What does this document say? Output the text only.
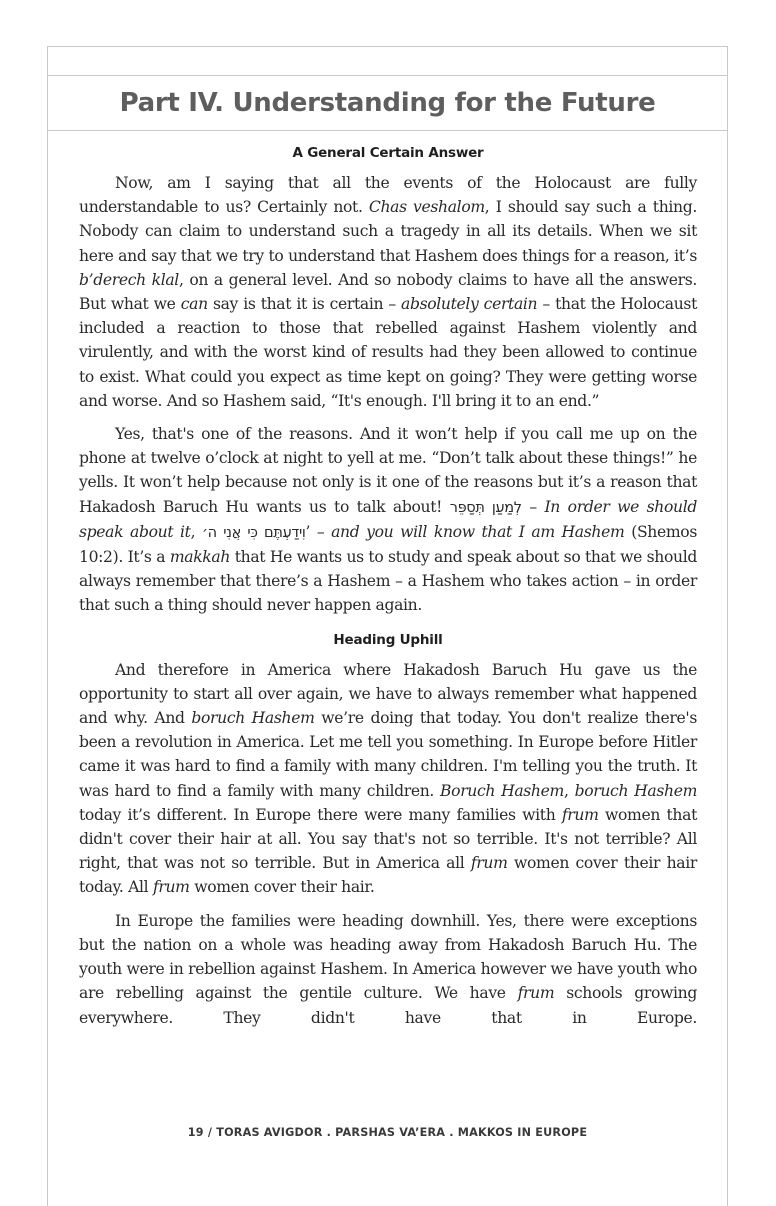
Part IV. Understanding for the Future
A General Certain Answer

Now, am I saying that all the events of the Holocaust are fully understandable to us? Certainly not. Chas veshalom, I should say such a thing. Nobody can claim to understand such a tragedy in all its details. When we sit here and say that we try to understand that Hashem does things for a reason, it’s b’derech klal, on a general level. And so nobody claims to have all the answers. But what we can say is that it is certain – absolutely certain – that the Holocaust included a reaction to those that rebelled against Hashem violently and virulently, and with the worst kind of results had they been allowed to continue to exist. What could you expect as time kept on going? They were getting worse and worse. And so Hashem said, “It's enough. I'll bring it to an end.”

Yes, that's one of the reasons. And it won’t help if you call me up on the phone at twelve o’clock at night to yell at me. “Don’t talk about these things!” he yells. It won’t help because not only is it one of the reasons but it’s a reason that Hakadosh Baruch Hu wants us to talk about! לְמַעַן תְּסַפֵּר – In order we should speak about it, וִידַעְתֶּם כִּי אֲנִי ה׳’ – and you will know that I am Hashem (Shemos 10:2). It’s a makkah that He wants us to study and speak about so that we should always remember that there’s a Hashem – a Hashem who takes action – in order that such a thing should never happen again.

Heading Uphill

And therefore in America where Hakadosh Baruch Hu gave us the opportunity to start all over again, we have to always remember what happened and why. And boruch Hashem we’re doing that today. You don't realize there's been a revolution in America. Let me tell you something. In Europe before Hitler came it was hard to find a family with many children. I'm telling you the truth. It was hard to find a family with many children. Boruch Hashem, boruch Hashem today it’s different. In Europe there were many families with frum women that didn't cover their hair at all. You say that's not so terrible. It's not terrible? All right, that was not so terrible. But in America all frum women cover their hair today. All frum women cover their hair.

In Europe the families were heading downhill. Yes, there were exceptions but the nation on a whole was heading away from Hakadosh Baruch Hu. The youth were in rebellion against Hashem. In America however we have youth who are rebelling against the gentile culture. We have frum schools growing everywhere. They didn't have that in Europe.

19 / TORAS AVIGDOR . PARSHAS VA’ERA . MAKKOS IN EUROPE
